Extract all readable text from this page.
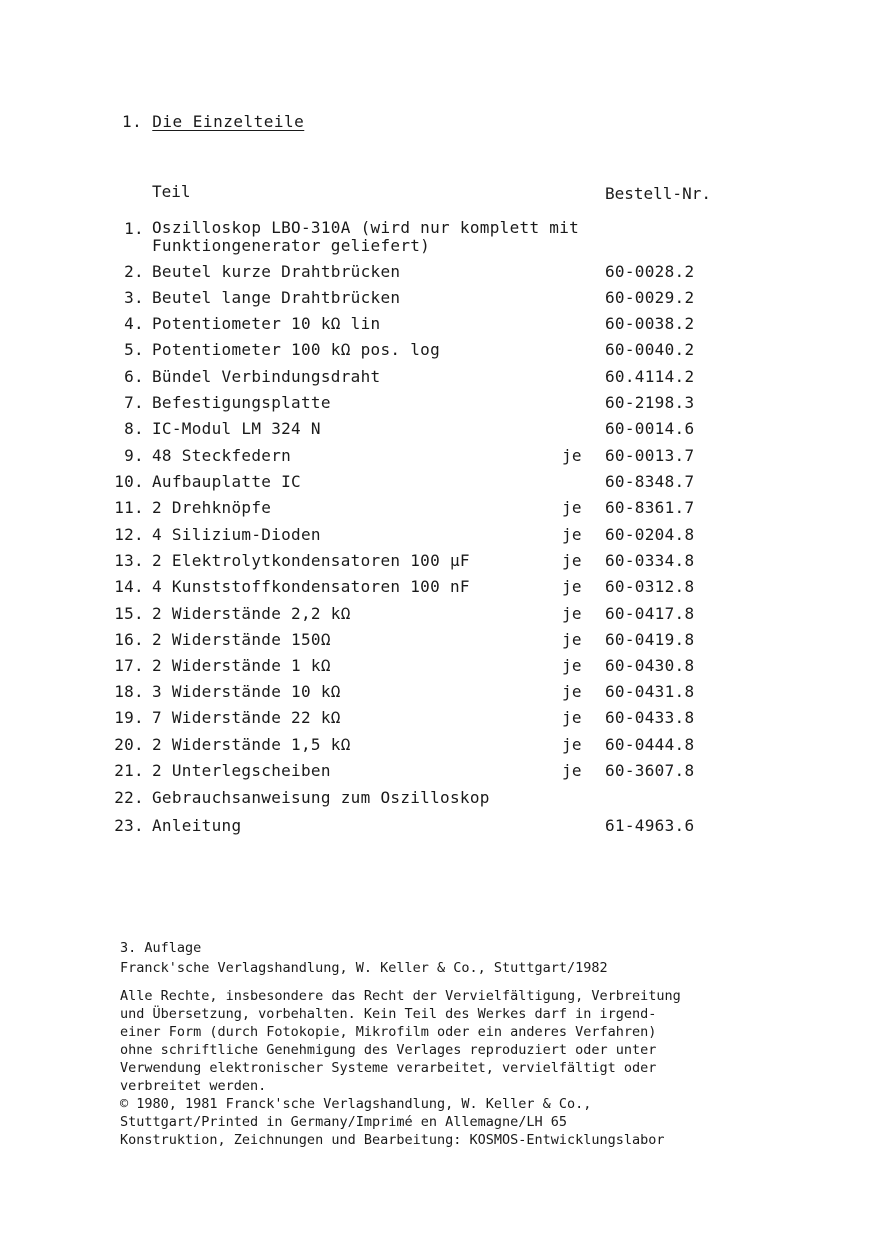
1. Die Einzelteile
Teil	Bestell-Nr.
1. Oszilloskop LBO-310A (wird nur komplett mit
Funktiongenerator geliefert)
2. Beutel kurze Drahtbrücken	60-0028.2
3. Beutel lange Drahtbrücken	60-0029.2
4. Potentiometer 10 kΩ lin	60-0038.2
5. Potentiometer 100 kΩ pos. log	60-0040.2
6. Bündel Verbindungsdraht	60.4114.2
7. Befestigungsplatte	60-2198.3
8. IC-Modul LM 324 N	60-0014.6
9. 48 Steckfedern	je 60-0013.7
10. Aufbauplatte IC	60-8348.7
11. 2 Drehknöpfe	je 60-8361.7
12. 4 Silizium-Dioden	je 60-0204.8
13. 2 Elektrolytkondensatoren 100 µF	je 60-0334.8
14. 4 Kunststoffkondensatoren 100 nF	je 60-0312.8
15. 2 Widerstände 2,2 kΩ	je 60-0417.8
16. 2 Widerstände 150Ω	je 60-0419.8
17. 2 Widerstände 1 kΩ	je 60-0430.8
18. 3 Widerstände 10 kΩ	je 60-0431.8
19. 7 Widerstände 22 kΩ	je 60-0433.8
20. 2 Widerstände 1,5 kΩ	je 60-0444.8
21. 2 Unterlegscheiben	je 60-3607.8
22. Gebrauchsanweisung zum Oszilloskop
23. Anleitung	61-4963.6
3. Auflage
Franck'sche Verlagshandlung, W. Keller & Co., Stuttgart/1982
Alle Rechte, insbesondere das Recht der Vervielfältigung, Verbreitung
und Übersetzung, vorbehalten. Kein Teil des Werkes darf in irgend-
einer Form (durch Fotokopie, Mikrofilm oder ein anderes Verfahren)
ohne schriftliche Genehmigung des Verlages reproduziert oder unter
Verwendung elektronischer Systeme verarbeitet, vervielfältigt oder
verbreitet werden.
© 1980, 1981 Franck'sche Verlagshandlung, W. Keller & Co.,
Stuttgart/Printed in Germany/Imprimé en Allemagne/LH 65
Konstruktion, Zeichnungen und Bearbeitung: KOSMOS-Entwicklungslabor
